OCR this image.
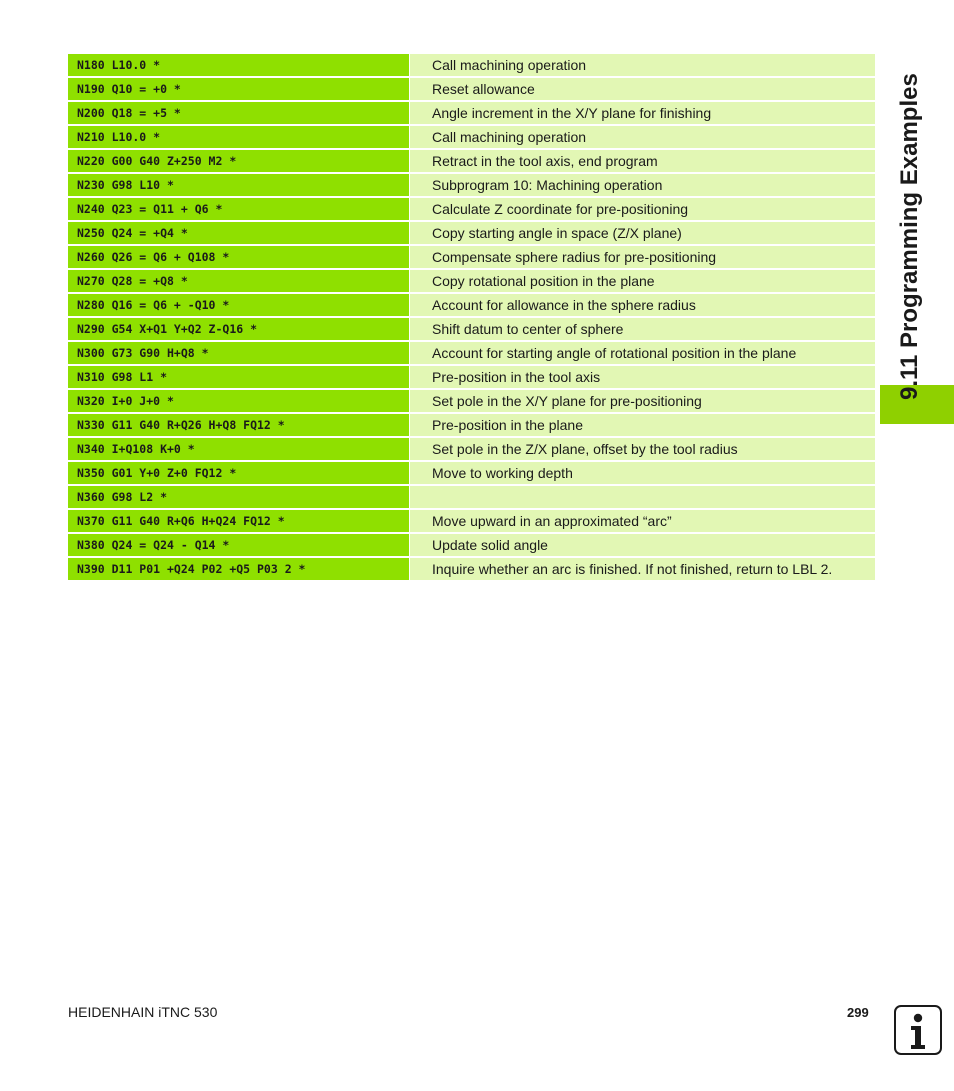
N180 L10.0 *	Call machining operation
N190 Q10 = +0 *	Reset allowance
N200 Q18 = +5 *	Angle increment in the X/Y plane for finishing
N210 L10.0 *	Call machining operation
N220 G00 G40 Z+250 M2 *	Retract in the tool axis, end program
N230 G98 L10 *	Subprogram 10: Machining operation
N240 Q23 = Q11 + Q6 *	Calculate Z coordinate for pre-positioning
N250 Q24 = +Q4 *	Copy starting angle in space (Z/X plane)
N260 Q26 = Q6 + Q108 *	Compensate sphere radius for pre-positioning
N270 Q28 = +Q8 *	Copy rotational position in the plane
N280 Q16 = Q6 + -Q10 *	Account for allowance in the sphere radius
N290 G54 X+Q1 Y+Q2 Z-Q16 *	Shift datum to center of sphere
N300 G73 G90 H+Q8 *	Account for starting angle of rotational position in the plane
N310 G98 L1 *	Pre-position in the tool axis
N320 I+0 J+0 *	Set pole in the X/Y plane for pre-positioning
N330 G11 G40 R+Q26 H+Q8 FQ12 *	Pre-position in the plane
N340 I+Q108 K+0 *	Set pole in the Z/X plane, offset by the tool radius
N350 G01 Y+0 Z+0 FQ12 *	Move to working depth
N360 G98 L2 *
N370 G11 G40 R+Q6 H+Q24 FQ12 *	Move upward in an approximated “arc”
N380 Q24 = Q24 - Q14 *	Update solid angle
N390 D11 P01 +Q24 P02 +Q5 P03 2 *	Inquire whether an arc is finished. If not finished, return to LBL 2.
9.11 Programming Examples
HEIDENHAIN iTNC 530	299
